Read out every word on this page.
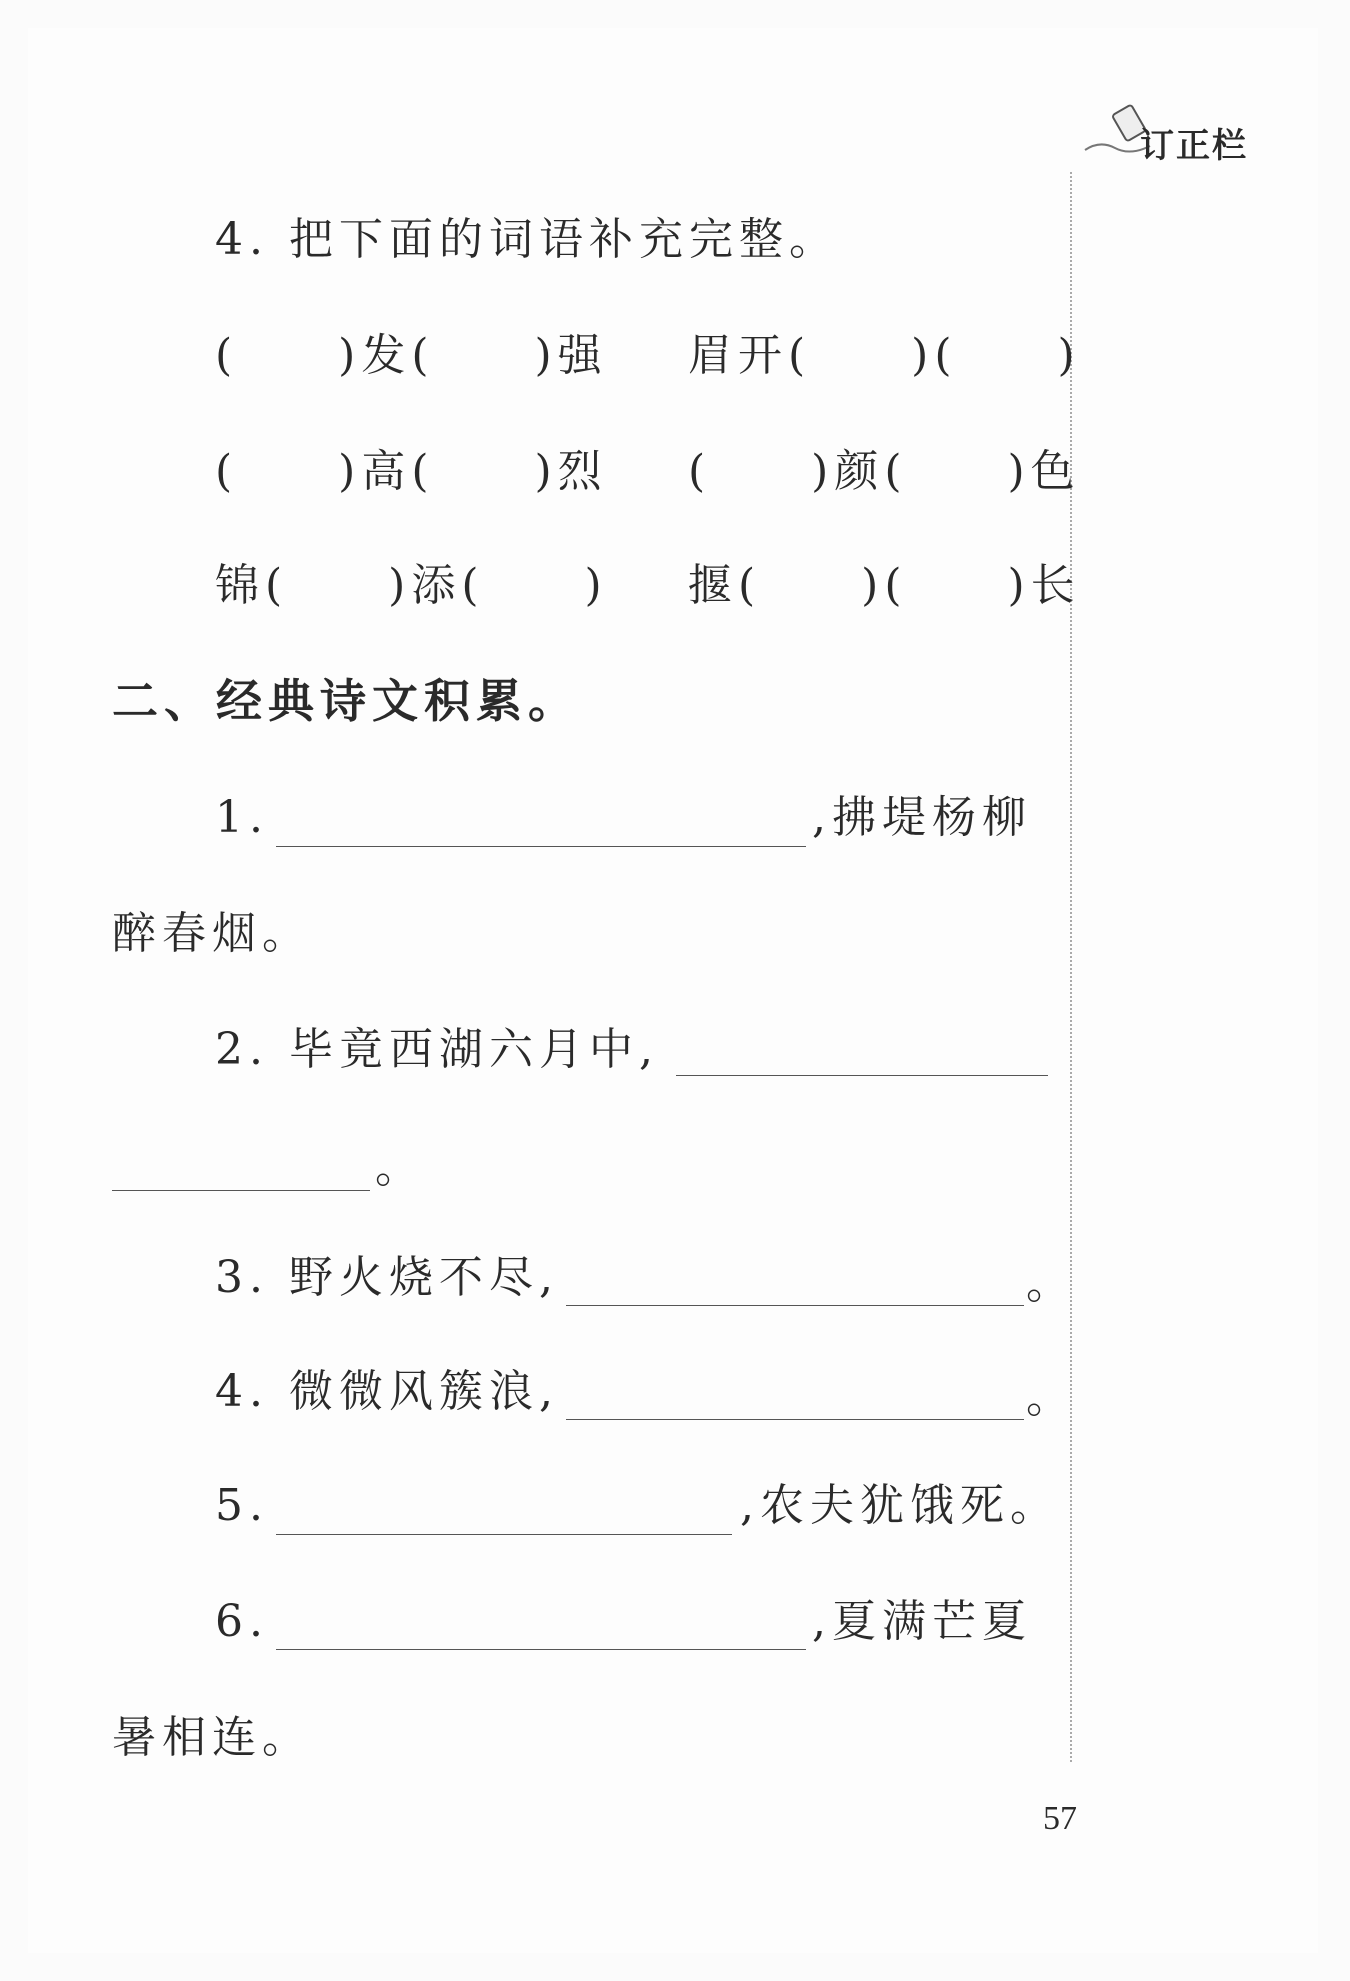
订正栏
4. 把下面的词语补充完整。
(　　)发(　　)强 眉开(　　)(　　)
(　　)高(　　)烈 (　　)颜(　　)色
锦(　　)添(　　) 揠(　　)(　　)长
二、经典诗文积累。
1.	,拂堤杨柳
醉春烟。
2. 毕竟西湖六月中,
。
3. 野火烧不尽,	。
4. 微微风簇浪,	。
5.	,农夫犹饿死。
6.	,夏满芒夏
暑相连。
57
